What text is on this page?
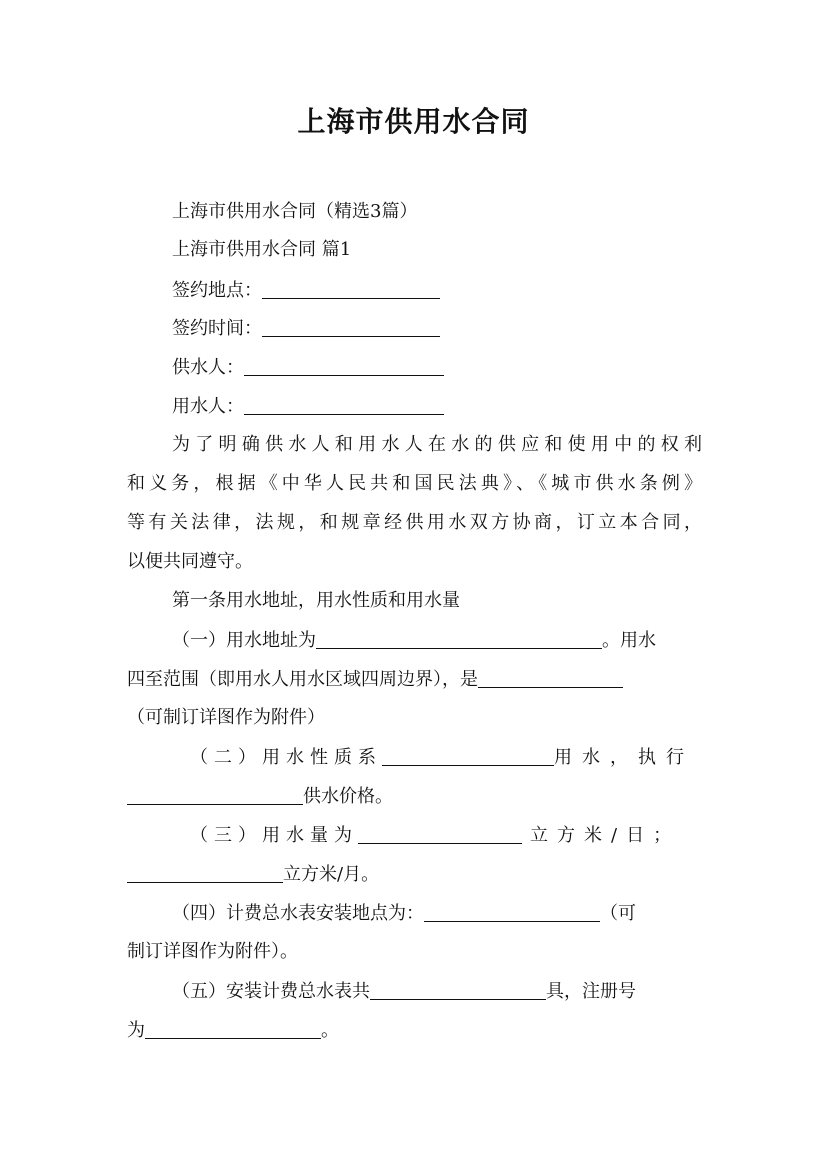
上海市供用水合同
上海市供用水合同（精选3篇）
上海市供用水合同 篇1
签约地点：
签约时间：
供水人：
用水人：
为了明确供水人和用水人在水的供应和使用中的权利
和义务，根据《中华人民共和国民法典》、《城市供水条例》
等有关法律，法规，和规章经供用水双方协商，订立本合同，
以便共同遵守。
第一条用水地址，用水性质和用水量
（一）用水地址为	。用水
四至范围（即用水人用水区域四周边界），是
（可制订详图作为附件）
（二）用水性质系	用水，执行
供水价格。
（三）用水量为	立方米/日；
立方米/月。
（四）计费总水表安装地点为：	（可
制订详图作为附件）。
（五）安装计费总水表共	具，注册号
为	。
